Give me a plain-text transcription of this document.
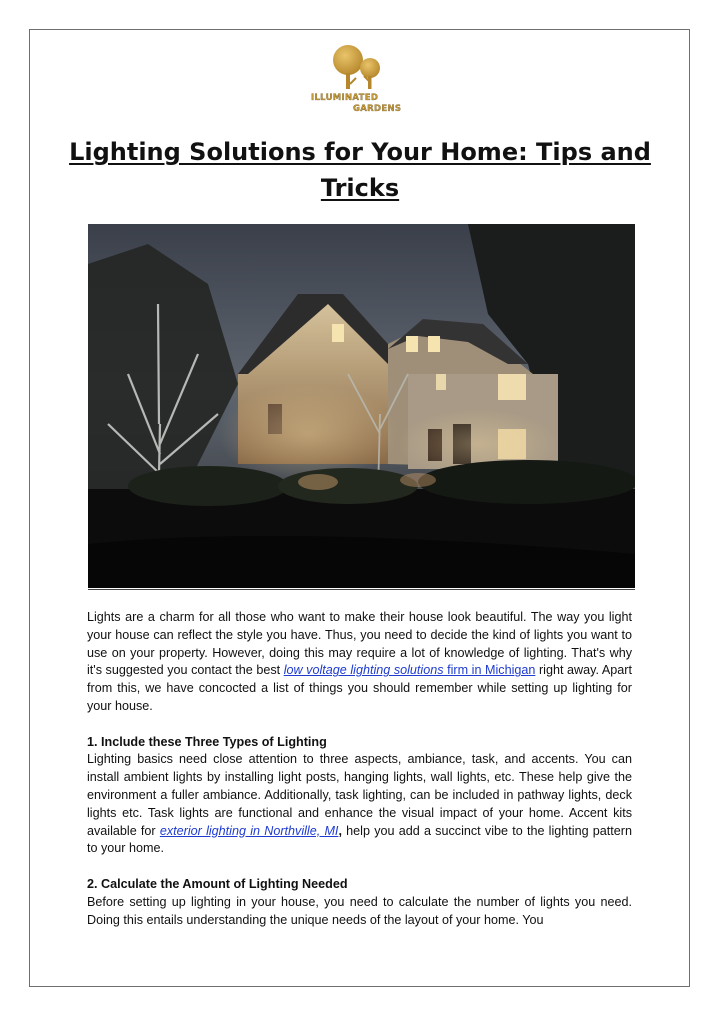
ILLUMINATED
GARDENS
Lighting Solutions for Your Home: Tips and Tricks

Lights are a charm for all those who want to make their house look beautiful. The way you light your house can reflect the style you have. Thus, you need to decide the kind of lights you want to use on your property. However, doing this may require a lot of knowledge of lighting. That's why it's suggested you contact the best low voltage lighting solutions firm in Michigan right away. Apart from this, we have concocted a list of things you should remember while setting up lighting for your house.

1. Include these Three Types of Lighting

Lighting basics need close attention to three aspects, ambiance, task, and accents. You can install ambient lights by installing light posts, hanging lights, wall lights, etc. These help give the environment a fuller ambiance. Additionally, task lighting, can be included in pathway lights, deck lights etc. Task lights are functional and enhance the visual impact of your home. Accent kits available for exterior lighting in Northville, MI, help you add a succinct vibe to the lighting pattern to your home.

2. Calculate the Amount of Lighting Needed

Before setting up lighting in your house, you need to calculate the number of lights you need. Doing this entails understanding the unique needs of the layout of your home. You
